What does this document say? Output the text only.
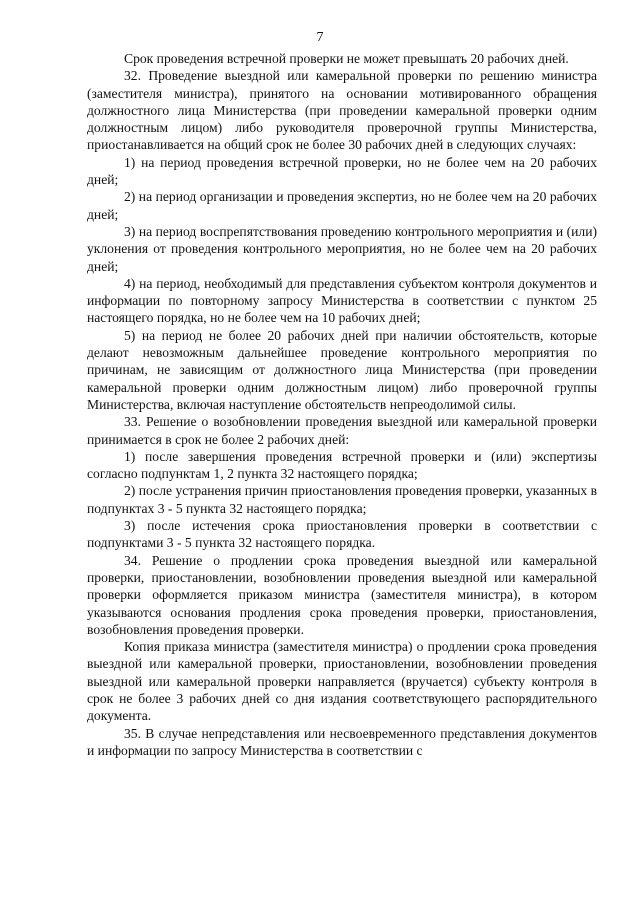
7

Срок проведения встречной проверки не может превышать 20 рабочих дней.

32. Проведение выездной или камеральной проверки по решению министра (заместителя министра), принятого на основании мотивированного обращения должностного лица Министерства (при проведении камеральной проверки одним должностным лицом) либо руководителя проверочной группы Министерства, приостанавливается на общий срок не более 30 рабочих дней в следующих случаях:

1) на период проведения встречной проверки, но не более чем на 20 рабочих дней;

2) на период организации и проведения экспертиз, но не более чем на 20 рабочих дней;

3) на период воспрепятствования проведению контрольного мероприятия и (или) уклонения от проведения контрольного мероприятия, но не более чем на 20 рабочих дней;

4) на период, необходимый для представления субъектом контроля документов и информации по повторному запросу Министерства в соответствии с пунктом 25 настоящего порядка, но не более чем на 10 рабочих дней;

5) на период не более 20 рабочих дней при наличии обстоятельств, которые делают невозможным дальнейшее проведение контрольного мероприятия по причинам, не зависящим от должностного лица Министерства (при проведении камеральной проверки одним должностным лицом) либо проверочной группы Министерства, включая наступление обстоятельств непреодолимой силы.

33. Решение о возобновлении проведения выездной или камеральной проверки принимается в срок не более 2 рабочих дней:

1) после завершения проведения встречной проверки и (или) экспертизы согласно подпунктам 1, 2 пункта 32 настоящего порядка;

2) после устранения причин приостановления проведения проверки, указанных в подпунктах 3 - 5 пункта 32 настоящего порядка;

3) после истечения срока приостановления проверки в соответствии с подпунктами 3 - 5 пункта 32 настоящего порядка.

34. Решение о продлении срока проведения выездной или камеральной проверки, приостановлении, возобновлении проведения выездной или камеральной проверки оформляется приказом министра (заместителя министра), в котором указываются основания продления срока проведения проверки, приостановления, возобновления проведения проверки.

Копия приказа министра (заместителя министра) о продлении срока проведения выездной или камеральной проверки, приостановлении, возобновлении проведения выездной или камеральной проверки направляется (вручается) субъекту контроля в срок не более 3 рабочих дней со дня издания соответствующего распорядительного документа.

35. В случае непредставления или несвоевременного представления документов и информации по запросу Министерства в соответствии с
